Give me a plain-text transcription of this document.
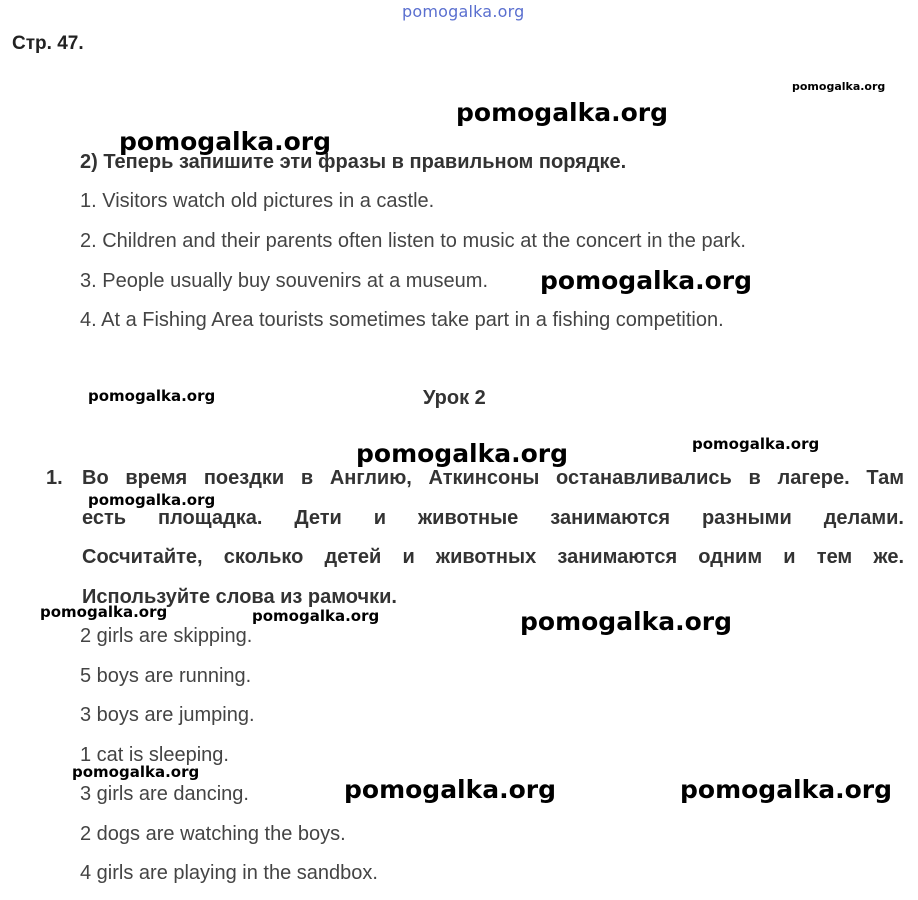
pomogalka.org
Стр. 47.
2) Теперь запишите эти фразы в правильном порядке.
1. Visitors watch old pictures in a castle.
2. Children and their parents often listen to music at the concert in the park.
3. People usually buy souvenirs at a museum.
4. At a Fishing Area tourists sometimes take part in a fishing competition.
Урок 2
1. Во время поездки в Англию, Аткинсоны останавливались в лагере. Там
есть площадка. Дети и животные занимаются разными делами.
Сосчитайте, сколько детей и животных занимаются одним и тем же.
Используйте слова из рамочки.
2 girls are skipping.
5 boys are running.
3 boys are jumping.
1 cat is sleeping.
3 girls are dancing.
2 dogs are watching the boys.
4 girls are playing in the sandbox.
pomogalka.org
pomogalka.org
pomogalka.org
pomogalka.org
pomogalka.org
pomogalka.org
pomogalka.org
pomogalka.org
pomogalka.org	pomogalka.org	pomogalka.org
pomogalka.org
pomogalka.org	pomogalka.org
